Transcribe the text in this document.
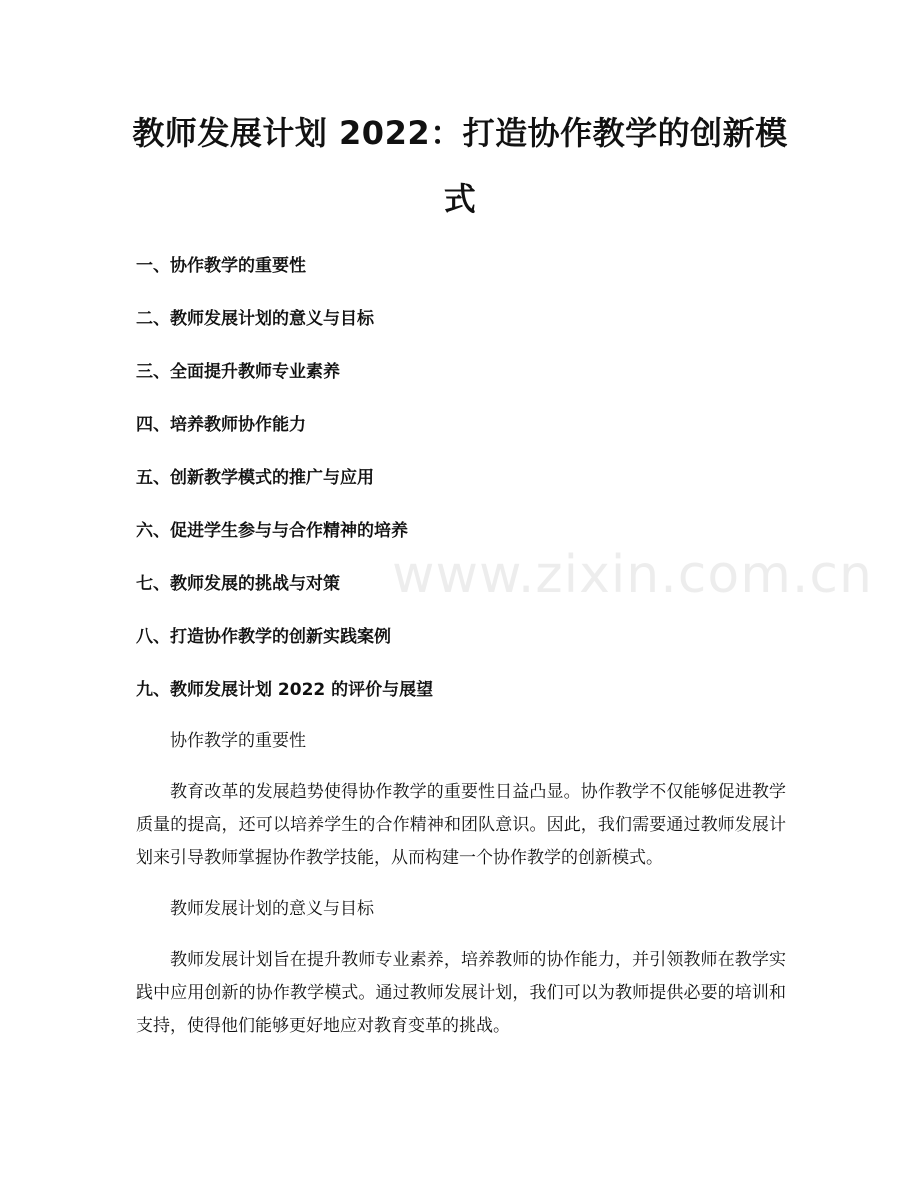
www.zixin.com.cn
教师发展计划 2022：打造协作教学的创新模式
一、协作教学的重要性
二、教师发展计划的意义与目标
三、全面提升教师专业素养
四、培养教师协作能力
五、创新教学模式的推广与应用
六、促进学生参与与合作精神的培养
七、教师发展的挑战与对策
八、打造协作教学的创新实践案例
九、教师发展计划 2022 的评价与展望

协作教学的重要性

教育改革的发展趋势使得协作教学的重要性日益凸显。协作教学不仅能够促进教学质量的提高，还可以培养学生的合作精神和团队意识。因此，我们需要通过教师发展计划来引导教师掌握协作教学技能，从而构建一个协作教学的创新模式。

教师发展计划的意义与目标

教师发展计划旨在提升教师专业素养，培养教师的协作能力，并引领教师在教学实践中应用创新的协作教学模式。通过教师发展计划，我们可以为教师提供必要的培训和支持，使得他们能够更好地应对教育变革的挑战。
